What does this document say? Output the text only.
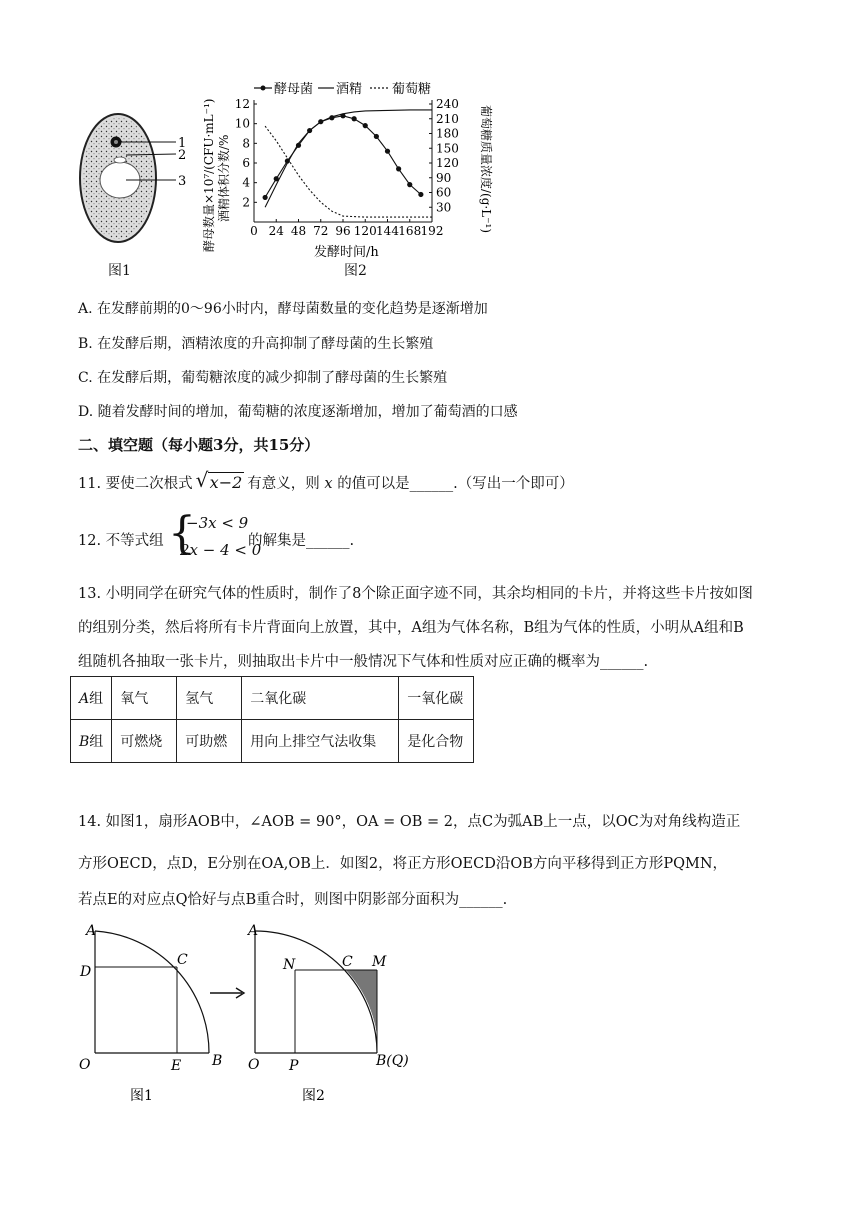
1
2
3
图1
酵母菌 酒精 葡萄糖
酵母数量×10⁷/(CFU·mL⁻¹) 酒精体积分数/%	葡萄糖质量浓度/(g·L⁻¹)
发酵时间/h
0 24 48 72 96 120 144 168 192
2
4
6
8
10
12
30
60
90
120
150
180
210
240
图2
A. 在发酵前期的0～96小时内，酵母菌数量的变化趋势是逐渐增加
B. 在发酵后期，酒精浓度的升高抑制了酵母菌的生长繁殖
C. 在发酵后期，葡萄糖浓度的减少抑制了酵母菌的生长繁殖
D. 随着发酵时间的增加，葡萄糖的浓度逐渐增加，增加了葡萄酒的口感
二、填空题（每小题3分，共15分）
11. 要使二次根式 √ x−2 有意义，则 x 的值可以是______.（写出一个即可）
12. 不等式组 {
−3x < 9
2x − 4 < 0
的解集是______.
13. 小明同学在研究气体的性质时，制作了8个除正面字迹不同，其余均相同的卡片，并将这些卡片按如图
的组别分类，然后将所有卡片背面向上放置，其中，A组为气体名称，B组为气体的性质，小明从A组和B
组随机各抽取一张卡片，则抽取出卡片中一般情况下气体和性质对应正确的概率为______.
A组	氧气	氢气	二氧化碳	一氧化碳
B组	可燃烧	可助燃	用向上排空气法收集	是化合物
14. 如图1，扇形AOB中，∠AOB = 90°，OA = OB = 2，点C为弧AB上一点，以OC为对角线构造正
方形OECD，点D，E分别在OA,OB上．如图2，将正方形OECD沿OB方向平移得到正方形PQMN，
若点E的对应点Q恰好与点B重合时，则图中阴影部分面积为______.
A
D
C
O	E B
图1
A
N	C M
O P	B(Q)
图2
